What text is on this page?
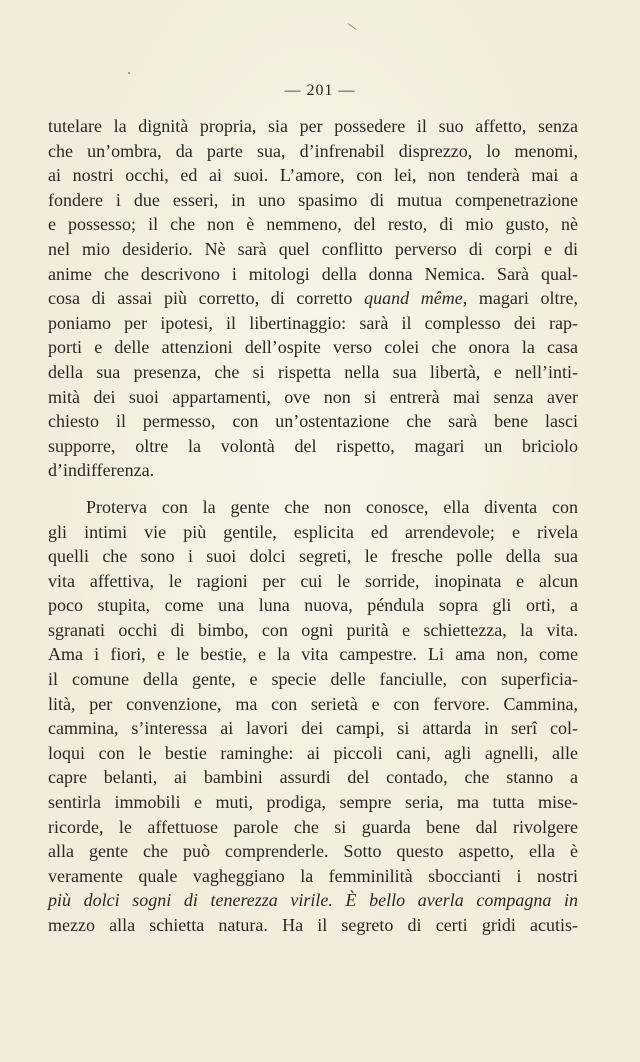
— 201 —
tutelare la dignità propria, sia per possedere il suo affetto, senza
che un’ombra, da parte sua, d’infrenabil disprezzo, lo menomi,
ai nostri occhi, ed ai suoi. L’amore, con lei, non tenderà mai a
fondere i due esseri, in uno spasimo di mutua compenetrazione
e possesso; il che non è nemmeno, del resto, di mio gusto, nè
nel mio desiderio. Nè sarà quel conflitto perverso di corpi e di
anime che descrivono i mitologi della donna Nemica. Sarà qual-
cosa di assai più corretto, di corretto quand même, magari oltre,
poniamo per ipotesi, il libertinaggio: sarà il complesso dei rap-
porti e delle attenzioni dell’ospite verso colei che onora la casa
della sua presenza, che si rispetta nella sua libertà, e nell’inti-
mità dei suoi appartamenti, ove non si entrerà mai senza aver
chiesto il permesso, con un’ostentazione che sarà bene lasci
supporre, oltre la volontà del rispetto, magari un briciolo
d’indifferenza.
Proterva con la gente che non conosce, ella diventa con
gli intimi vie più gentile, esplicita ed arrendevole; e rivela
quelli che sono i suoi dolci segreti, le fresche polle della sua
vita affettiva, le ragioni per cui le sorride, inopinata e alcun
poco stupita, come una luna nuova, péndula sopra gli orti, a
sgranati occhi di bimbo, con ogni purità e schiettezza, la vita.
Ama i fiori, e le bestie, e la vita campestre. Li ama non, come
il comune della gente, e specie delle fanciulle, con superficia-
lità, per convenzione, ma con serietà e con fervore. Cammina,
cammina, s’interessa ai lavori dei campi, si attarda in serî col-
loqui con le bestie raminghe: ai piccoli cani, agli agnelli, alle
capre belanti, ai bambini assurdi del contado, che stanno a
sentirla immobili e muti, prodiga, sempre seria, ma tutta mise-
ricorde, le affettuose parole che si guarda bene dal rivolgere
alla gente che può comprenderle. Sotto questo aspetto, ella è
veramente quale vagheggiano la femminilità sboccianti i nostri
più dolci sogni di tenerezza virile. È bello averla compagna in
mezzo alla schietta natura. Ha il segreto di certi gridi acutis-
